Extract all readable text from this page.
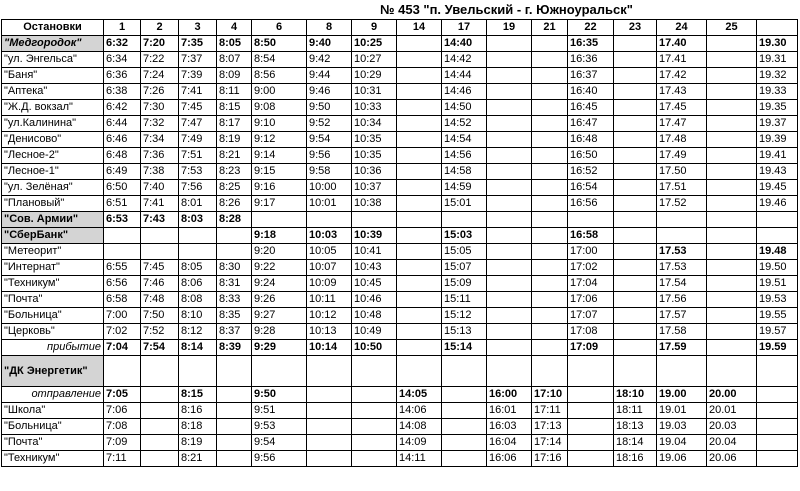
№ 453 "п. Увельский - г. Южноуральск"
Остановки	1	2	3	4	6	8	9	14	17	19	21	22	23	24	25	
"Медгородок"	6:32	7:20	7:35	8:05	8:50	9:40	10:25		14:40			16:35		17.40		19.30
"ул. Энгельса"	6:34	7:22	7:37	8:07	8:54	9:42	10:27		14:42			16:36		17.41		19.31
"Баня"	6:36	7:24	7:39	8:09	8:56	9:44	10:29		14:44			16:37		17.42		19.32
"Аптека"	6:38	7:26	7:41	8:11	9:00	9:46	10:31		14:46			16:40		17.43		19.33
"Ж.Д. вокзал"	6:42	7:30	7:45	8:15	9:08	9:50	10:33		14:50			16:45		17.45		19.35
"ул.Калинина"	6:44	7:32	7:47	8:17	9:10	9:52	10:34		14:52			16:47		17.47		19.37
"Денисово"	6:46	7:34	7:49	8:19	9:12	9:54	10:35		14:54			16:48		17.48		19.39
"Лесное-2"	6:48	7:36	7:51	8:21	9:14	9:56	10:35		14:56			16:50		17.49		19.41
"Лесное-1"	6:49	7:38	7:53	8:23	9:15	9:58	10:36		14:58			16:52		17.50		19.43
"ул. Зелёная"	6:50	7:40	7:56	8:25	9:16	10:00	10:37		14:59			16:54		17.51		19.45
"Плановый"	6:51	7:41	8:01	8:26	9:17	10:01	10:38		15:01			16:56		17.52		19.46
"Сов. Армии"	6:53	7:43	8:03	8:28												
"СберБанк"					9:18	10:03	10:39		15:03			16:58				
"Метеорит"					9:20	10:05	10:41		15:05			17:00		17.53		19.48
"Интернат"	6:55	7:45	8:05	8:30	9:22	10:07	10:43		15:07			17:02		17.53		19.50
"Техникум"	6:56	7:46	8:06	8:31	9:24	10:09	10:45		15:09			17:04		17.54		19.51
"Почта"	6:58	7:48	8:08	8:33	9:26	10:11	10:46		15:11			17:06		17.56		19.53
"Больница"	7:00	7:50	8:10	8:35	9:27	10:12	10:48		15:12			17:07		17.57		19.55
"Церковь"	7:02	7:52	8:12	8:37	9:28	10:13	10:49		15:13			17:08		17.58		19.57
прибытие	7:04	7:54	8:14	8:39	9:29	10:14	10:50		15:14			17:09		17.59		19.59
"ДК Энергетик"																
отправление	7:05		8:15		9:50			14:05		16:00	17:10		18:10	19.00	20.00	
"Школа"	7:06		8:16		9:51			14:06		16:01	17:11		18:11	19.01	20.01	
"Больница"	7:08		8:18		9:53			14:08		16:03	17:13		18:13	19.03	20.03	
"Почта"	7:09		8:19		9:54			14:09		16:04	17:14		18:14	19.04	20.04	
"Техникум"	7:11		8:21		9:56			14:11		16:06	17:16		18:16	19.06	20.06	
